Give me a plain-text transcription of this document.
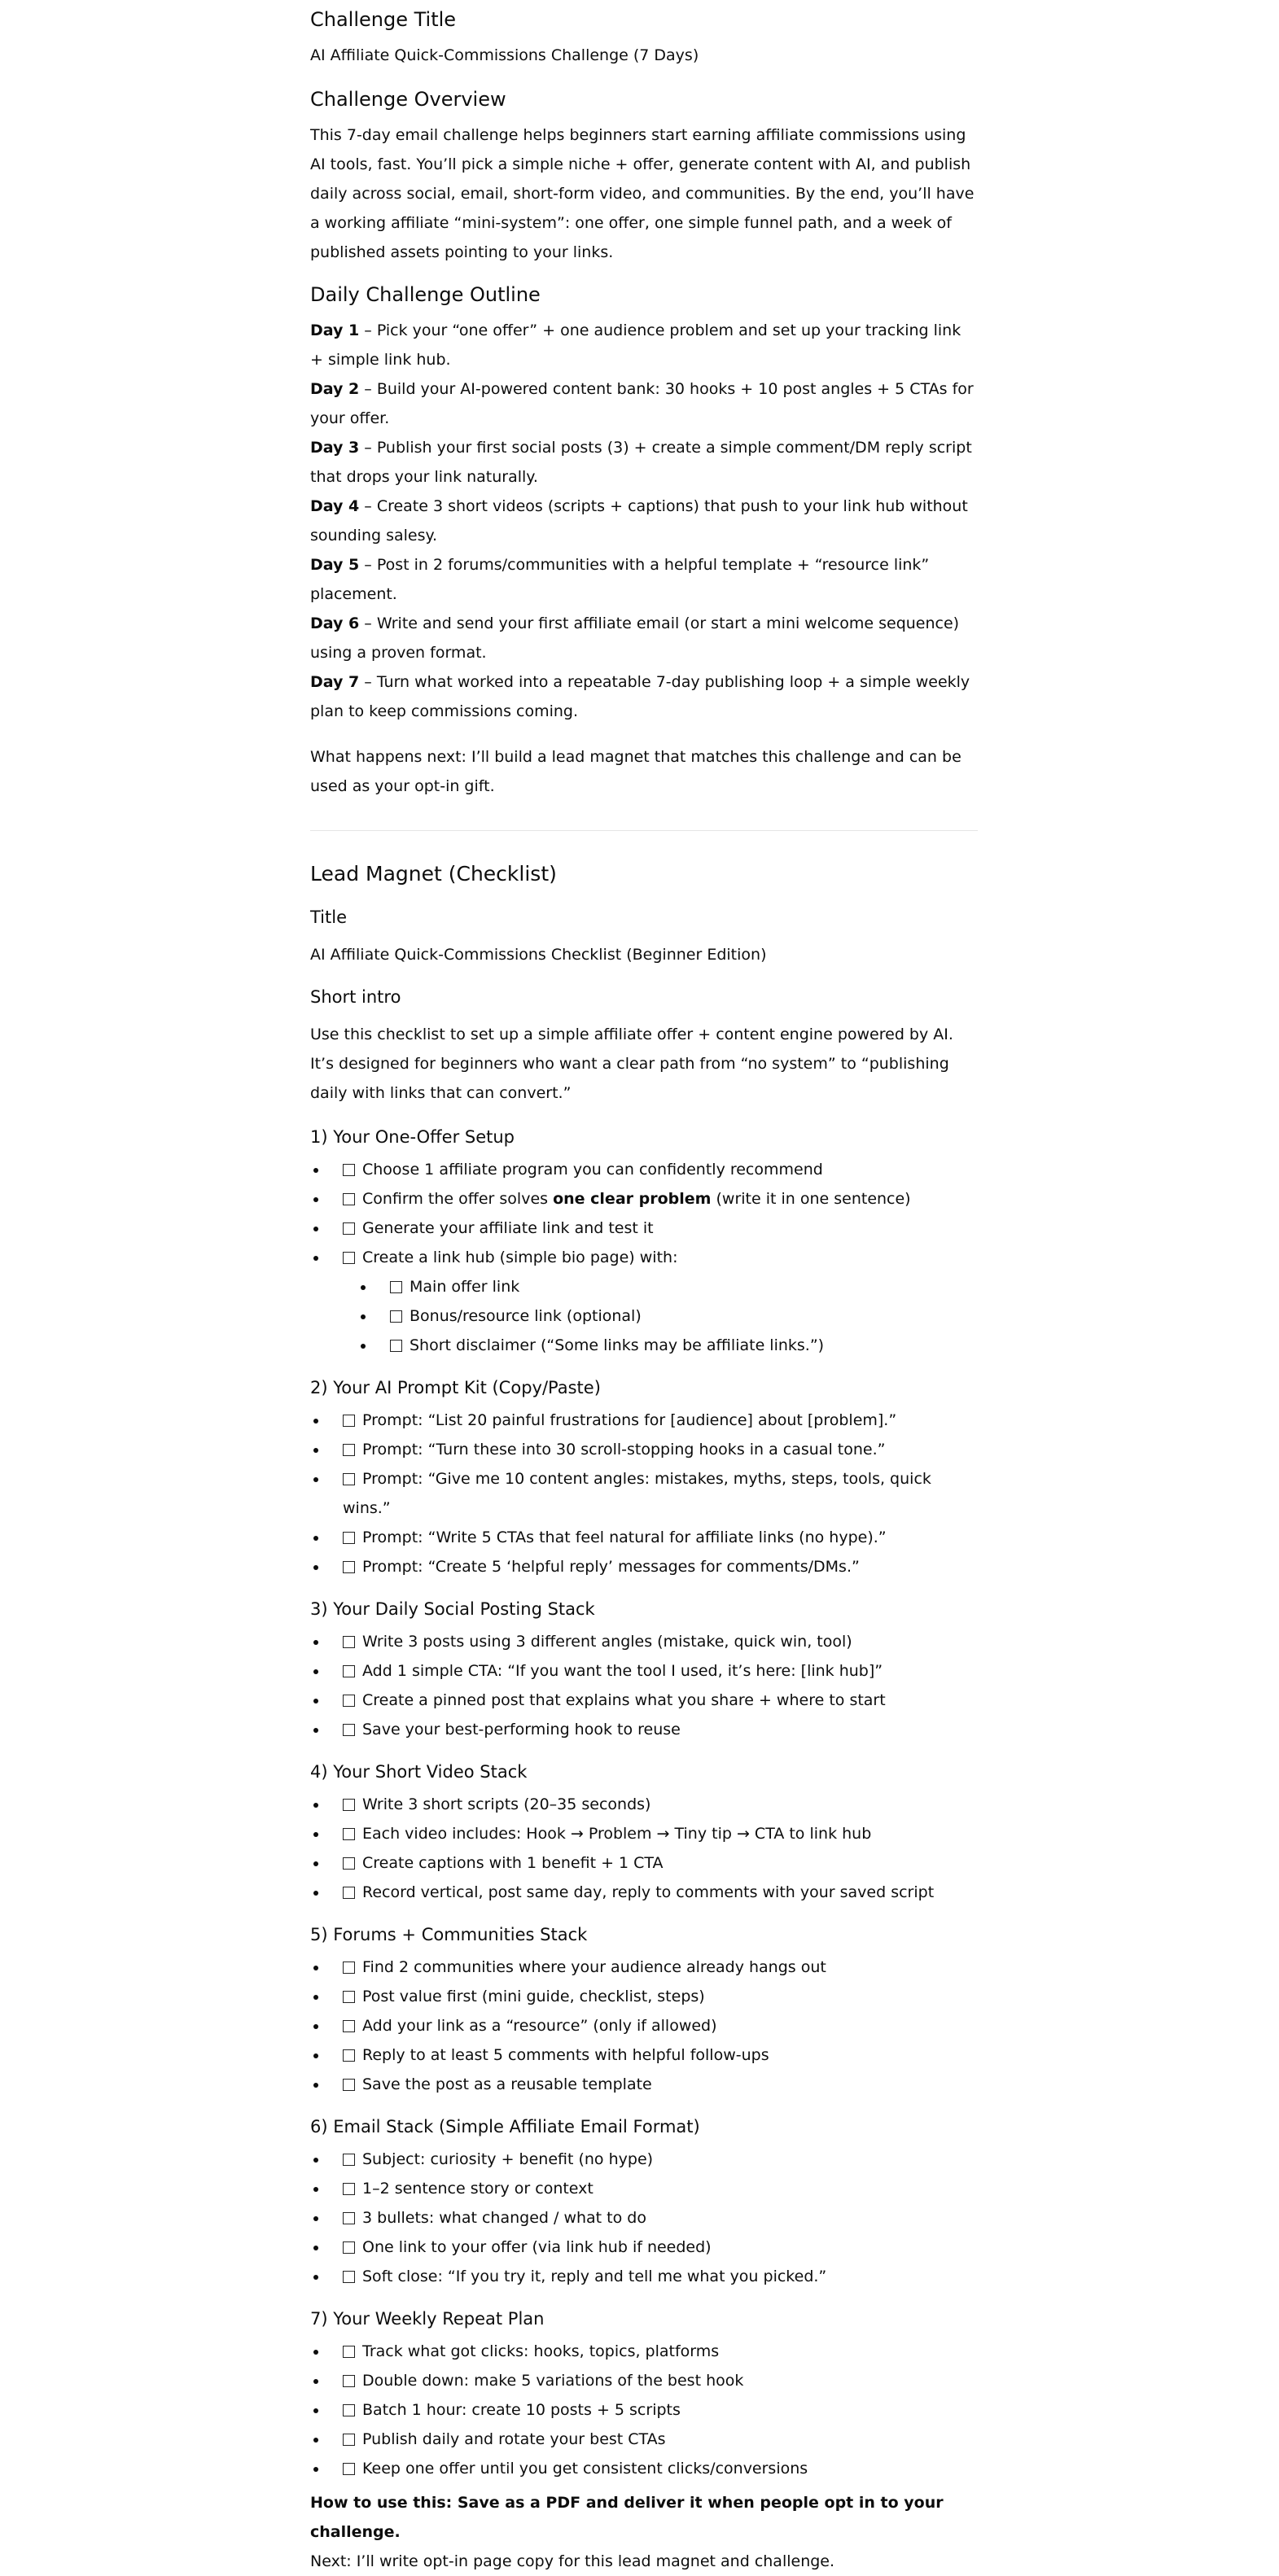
Challenge Title

AI Affiliate Quick-Commissions Challenge (7 Days)

Challenge Overview

This 7-day email challenge helps beginners start earning affiliate commissions using AI tools, fast. You’ll pick a simple niche + offer, generate content with AI, and publish daily across social, email, short-form video, and communities. By the end, you’ll have a working affiliate “mini-system”: one offer, one simple funnel path, and a week of published assets pointing to your links.

Daily Challenge Outline

Day 1 – Pick your “one offer” + one audience problem and set up your tracking link + simple link hub.

Day 2 – Build your AI-powered content bank: 30 hooks + 10 post angles + 5 CTAs for your offer.

Day 3 – Publish your first social posts (3) + create a simple comment/DM reply script that drops your link naturally.

Day 4 – Create 3 short videos (scripts + captions) that push to your link hub without sounding salesy.

Day 5 – Post in 2 forums/communities with a helpful template + “resource link” placement.

Day 6 – Write and send your first affiliate email (or start a mini welcome sequence) using a proven format.

Day 7 – Turn what worked into a repeatable 7-day publishing loop + a simple weekly plan to keep commissions coming.

What happens next: I’ll build a lead magnet that matches this challenge and can be used as your opt-in gift.

Lead Magnet (Checklist)
Title

AI Affiliate Quick-Commissions Checklist (Beginner Edition)

Short intro

Use this checklist to set up a simple affiliate offer + content engine powered by AI. It’s designed for beginners who want a clear path from “no system” to “publishing daily with links that can convert.”

1) Your One-Offer Setup
• Choose 1 affiliate program you can confidently recommend
• Confirm the offer solves one clear problem (write it in one sentence)
• Generate your affiliate link and test it
• Create a link hub (simple bio page) with:
• Main offer link
• Bonus/resource link (optional)
• Short disclaimer (“Some links may be affiliate links.”)
2) Your AI Prompt Kit (Copy/Paste)
• Prompt: “List 20 painful frustrations for [audience] about [problem].”
• Prompt: “Turn these into 30 scroll-stopping hooks in a casual tone.”
• Prompt: “Give me 10 content angles: mistakes, myths, steps, tools, quick wins.”
• Prompt: “Write 5 CTAs that feel natural for affiliate links (no hype).”
• Prompt: “Create 5 ‘helpful reply’ messages for comments/DMs.”
3) Your Daily Social Posting Stack
• Write 3 posts using 3 different angles (mistake, quick win, tool)
• Add 1 simple CTA: “If you want the tool I used, it’s here: [link hub]”
• Create a pinned post that explains what you share + where to start
• Save your best-performing hook to reuse
4) Your Short Video Stack
• Write 3 short scripts (20–35 seconds)
• Each video includes: Hook → Problem → Tiny tip → CTA to link hub
• Create captions with 1 benefit + 1 CTA
• Record vertical, post same day, reply to comments with your saved script
5) Forums + Communities Stack
• Find 2 communities where your audience already hangs out
• Post value first (mini guide, checklist, steps)
• Add your link as a “resource” (only if allowed)
• Reply to at least 5 comments with helpful follow-ups
• Save the post as a reusable template
6) Email Stack (Simple Affiliate Email Format)
• Subject: curiosity + benefit (no hype)
• 1–2 sentence story or context
• 3 bullets: what changed / what to do
• One link to your offer (via link hub if needed)
• Soft close: “If you try it, reply and tell me what you picked.”
7) Your Weekly Repeat Plan
• Track what got clicks: hooks, topics, platforms
• Double down: make 5 variations of the best hook
• Batch 1 hour: create 10 posts + 5 scripts
• Publish daily and rotate your best CTAs
• Keep one offer until you get consistent clicks/conversions

How to use this: Save as a PDF and deliver it when people opt in to your challenge.

Next: I’ll write opt-in page copy for this lead magnet and challenge.
